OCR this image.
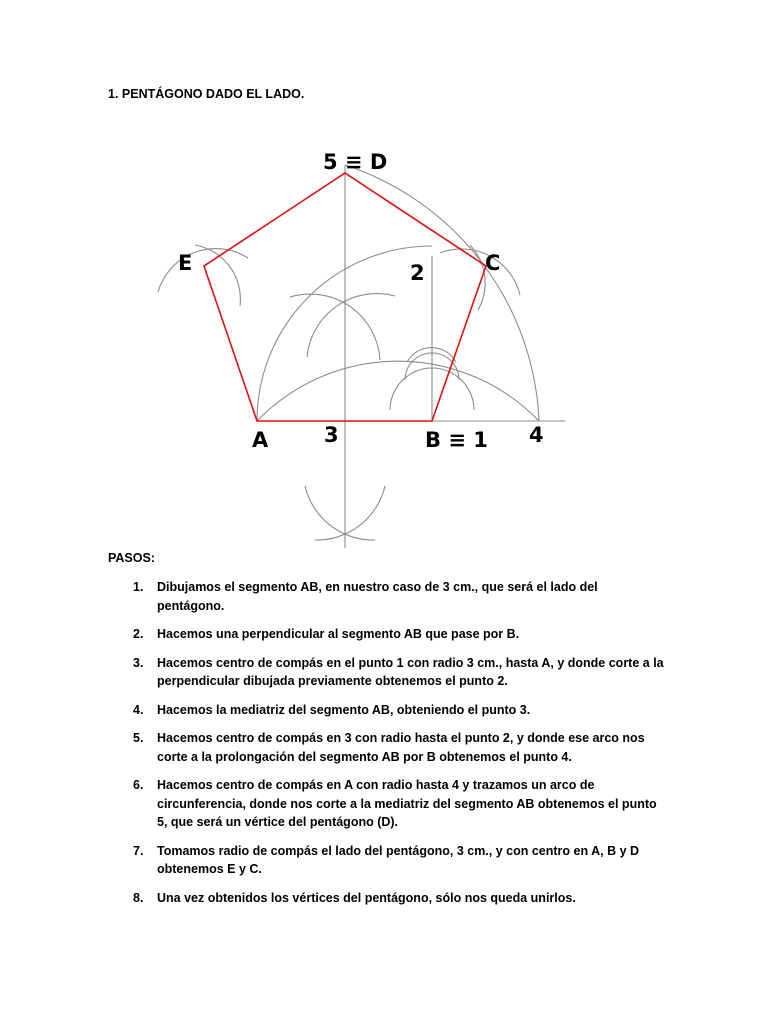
1. PENTÁGONO DADO EL LADO.
5 ≡ D
E	C
2
A	3	B ≡ 1 4

PASOS:

1. Dibujamos el segmento AB, en nuestro caso de 3 cm., que será el lado del pentágono.
2. Hacemos una perpendicular al segmento AB que pase por B.
3. Hacemos centro de compás en el punto 1 con radio 3 cm., hasta A, y donde corte a la perpendicular dibujada previamente obtenemos el punto 2.
4. Hacemos la mediatriz del segmento AB, obteniendo el punto 3.
5. Hacemos centro de compás en 3 con radio hasta el punto 2, y donde ese arco nos corte a la prolongación del segmento AB por B obtenemos el punto 4.
6. Hacemos centro de compás en A con radio hasta 4 y trazamos un arco de circunferencia, donde nos corte a la mediatriz del segmento AB obtenemos el punto 5, que será un vértice del pentágono (D).
7. Tomamos radio de compás el lado del pentágono, 3 cm., y con centro en A, B y D obtenemos E y C.
8. Una vez obtenidos los vértices del pentágono, sólo nos queda unirlos.
